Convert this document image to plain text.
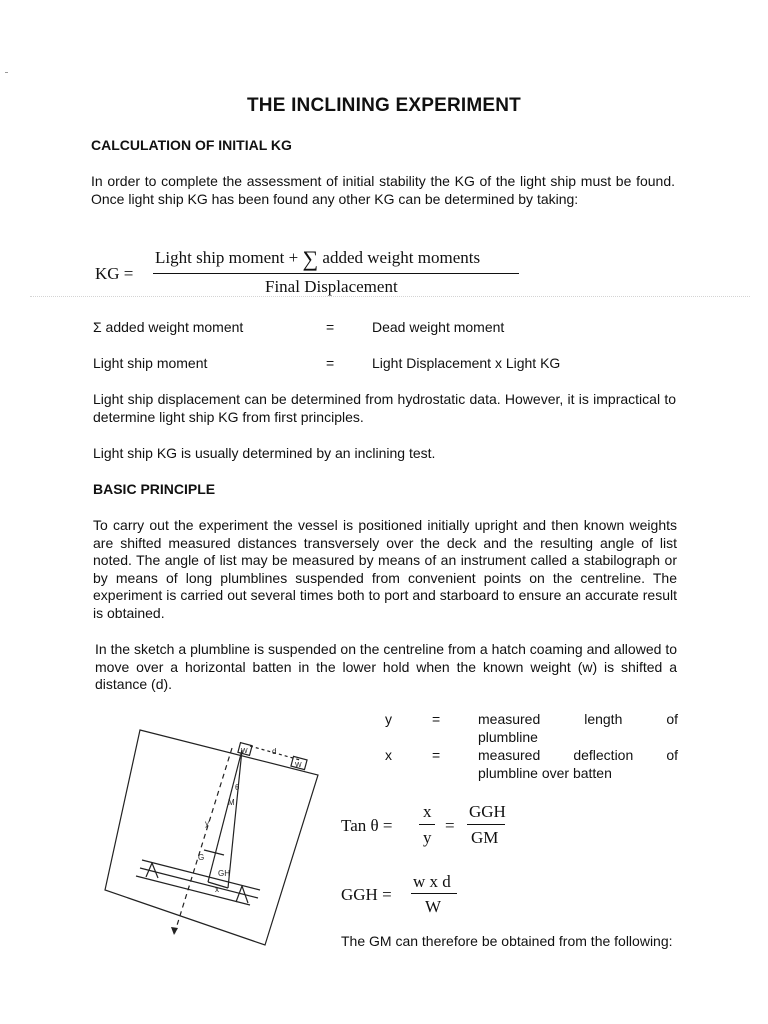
THE INCLINING EXPERIMENT
CALCULATION OF INITIAL KG
In order to complete the assessment of initial stability the KG of the light ship must be found. Once light ship KG has been found any other KG can be determined by taking:
KG =
Light ship moment + ∑ added weight moments
Final Displacement
Σ added weight moment	=	Dead weight moment
Light ship moment	=	Light Displacement x Light KG
Light ship displacement can be determined from hydrostatic data. However, it is impractical to determine light ship KG from first principles.
Light ship KG is usually determined by an inclining test.
BASIC PRINCIPLE
To carry out the experiment the vessel is positioned initially upright and then known weights are shifted measured distances transversely over the deck and the resulting angle of list noted. The angle of list may be measured by means of an instrument called a stabilograph or by means of long plumblines suspended from convenient points on the centreline. The experiment is carried out several times both to port and starboard to ensure an accurate result is obtained.
In the sketch a plumbline is suspended on the centreline from a hatch coaming and allowed to move over a horizontal batten in the lower hold when the known weight (w) is shifted a distance (d).
W	d
θ
M
y
G
GH
x
W
y	=	measured length of
plumbline
x	=	measured deflection of
plumbline over batten
Tan θ =
x
y
=
GGH
GM
GGH =
w x d
W
The GM can therefore be obtained from the following:
